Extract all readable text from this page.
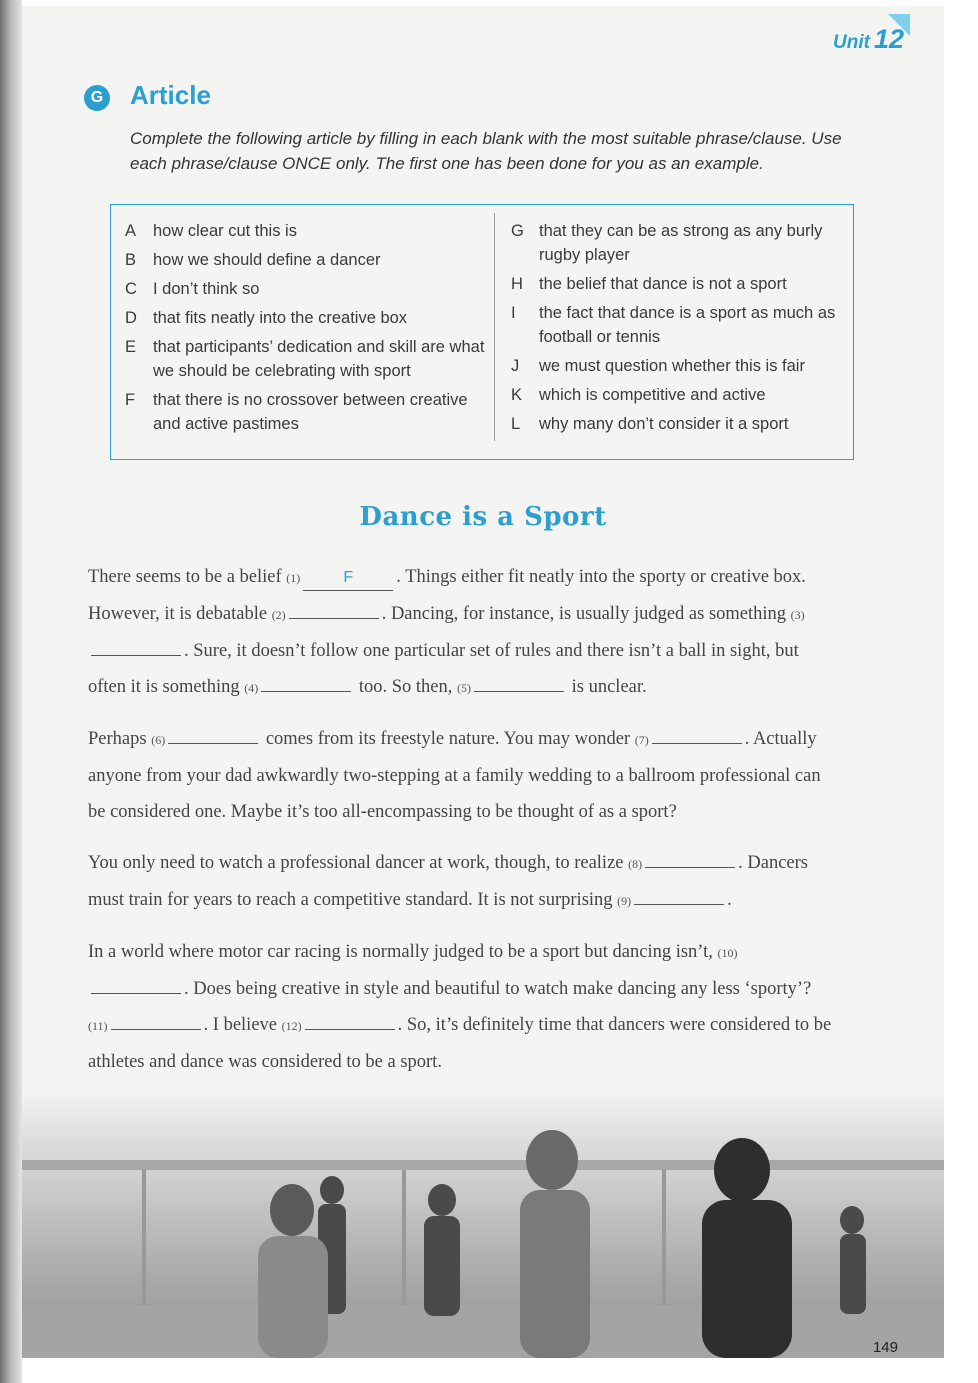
Unit 12
G Article
Complete the following article by filling in each blank with the most suitable phrase/clause. Use each phrase/clause ONCE only. The first one has been done for you as an example.
A	how clear cut this is
B	how we should define a dancer
C I don’t think so
D that fits neatly into the creative box
E	that participants’ dedication and skill are what we should be celebrating with sport
F	that there is no crossover between creative and active pastimes
G that they can be as strong as any burly rugby player
H the belief that dance is not a sport
I	the fact that dance is a sport as much as football or tennis
J	we must question whether this is fair
K	which is competitive and active
L	why many don’t consider it a sport
Dance is a Sport

There seems to be a belief (1)	F . Things either fit neatly into the sporty or creative box. However, it is debatable (2)	. Dancing, for instance, is usually judged as something (3). Sure, it doesn’t follow one particular set of rules and there isn’t a ball in sight, but often it is something (4)	too. So then, (5)	is unclear.

Perhaps (6)	comes from its freestyle nature. You may wonder (7)	. Actually anyone from your dad awkwardly two-stepping at a family wedding to a ballroom professional can be considered one. Maybe it’s too all-encompassing to be thought of as a sport?

You only need to watch a professional dancer at work, though, to realize (8)	. Dancers must train for years to reach a competitive standard. It is not surprising (9)	.

In a world where motor car racing is normally judged to be a sport but dancing isn’t, (10). Does being creative in style and beautiful to watch make dancing any less ‘sporty’? (11)	. I believe (12)	. So, it’s definitely time that dancers were considered to be athletes and dance was considered to be a sport.

149
